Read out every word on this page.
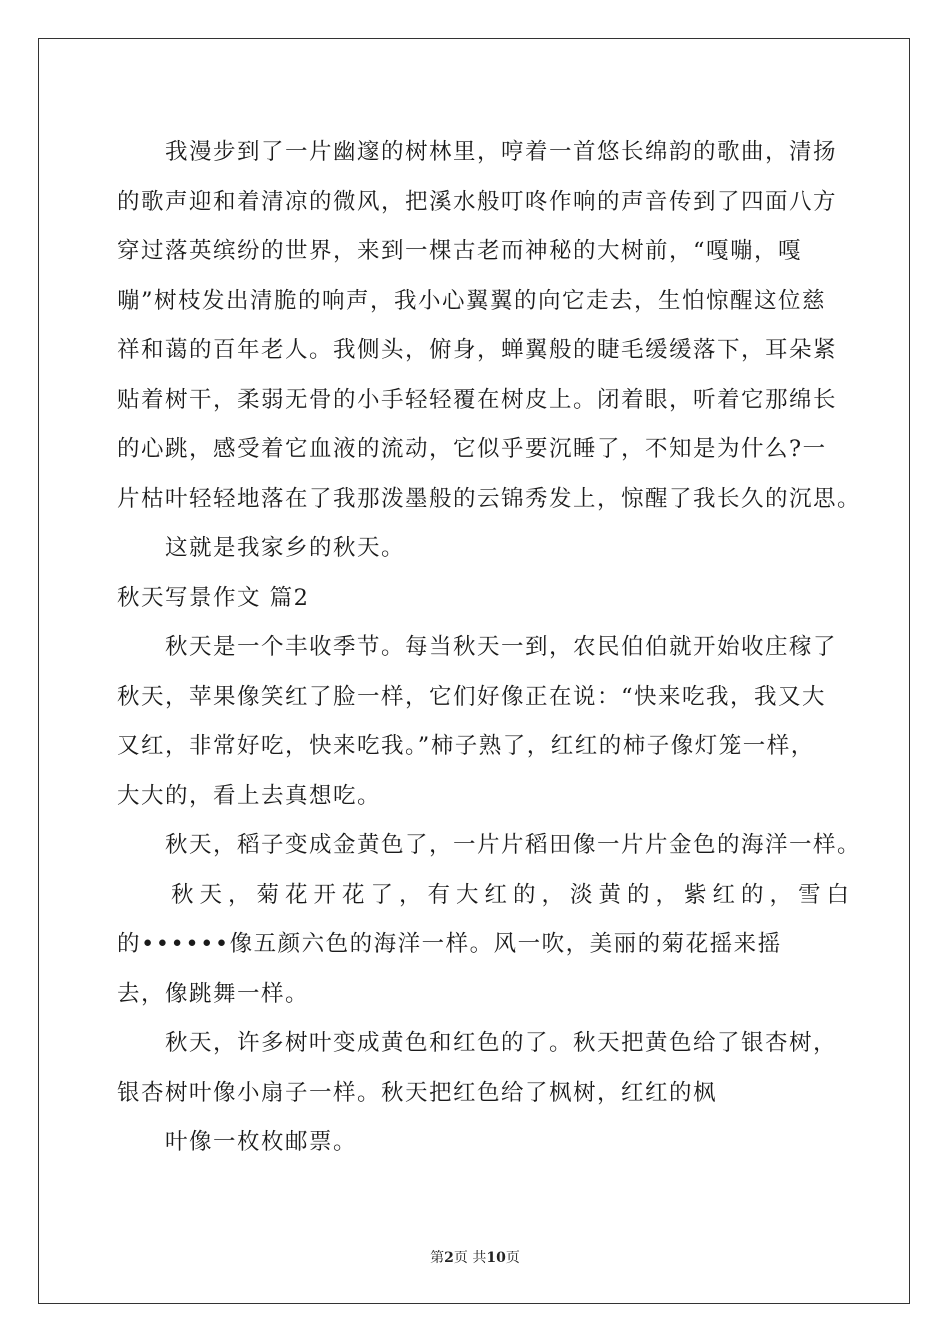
我漫步到了一片幽邃的树林里，哼着一首悠长绵韵的歌曲，清扬
的歌声迎和着清凉的微风，把溪水般叮咚作响的声音传到了四面八方
穿过落英缤纷的世界，来到一棵古老而神秘的大树前，“嘎嘣，嘎
嘣”树枝发出清脆的响声，我小心翼翼的向它走去，生怕惊醒这位慈
祥和蔼的百年老人。我侧头，俯身，蝉翼般的睫毛缓缓落下，耳朵紧
贴着树干，柔弱无骨的小手轻轻覆在树皮上。闭着眼，听着它那绵长
的心跳，感受着它血液的流动，它似乎要沉睡了，不知是为什么?一
片枯叶轻轻地落在了我那泼墨般的云锦秀发上，惊醒了我长久的沉思。
这就是我家乡的秋天。
秋天写景作文 篇2
秋天是一个丰收季节。每当秋天一到，农民伯伯就开始收庄稼了
秋天，苹果像笑红了脸一样，它们好像正在说：“快来吃我，我又大
又红，非常好吃，快来吃我。”柿子熟了，红红的柿子像灯笼一样，
大大的，看上去真想吃。
秋天，稻子变成金黄色了，一片片稻田像一片片金色的海洋一样。
秋天，菊花开花了，有大红的，淡黄的，紫红的，雪白
的••••••像五颜六色的海洋一样。风一吹，美丽的菊花摇来摇
去，像跳舞一样。
秋天，许多树叶变成黄色和红色的了。秋天把黄色给了银杏树，
银杏树叶像小扇子一样。秋天把红色给了枫树，红红的枫
叶像一枚枚邮票。
第2页 共10页
